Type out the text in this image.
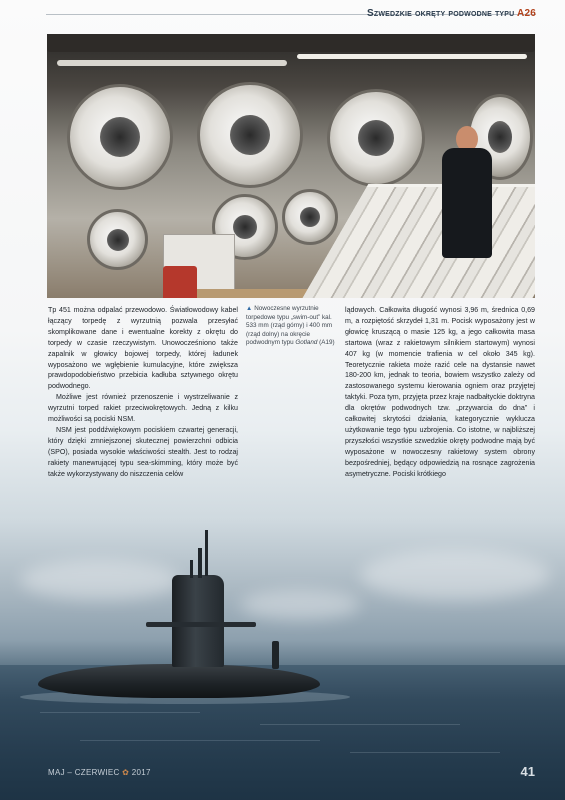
Szwedzkie okręty podwodne typu A26

Tp 451 można odpalać przewodowo. Światłowodowy kabel łączący torpedę z wyrzutnią pozwala przesyłać skomplikowane dane i ewentualne korekty z okrętu do torpedy w czasie rzeczywistym. Unowocześniono także zapalnik w głowicy bojowej torpedy, której ładunek wyposażono we wgłębienie kumulacyjne, które zwiększa prawdopodobieństwo przebicia kadłuba sztywnego okrętu podwodnego.

Możliwe jest również przenoszenie i wystrzeliwanie z wyrzutni torped rakiet przeciwokrętowych. Jedną z kilku możliwości są pociski NSM.

NSM jest poddźwiękowym pociskiem czwartej generacji, który dzięki zmniejszonej skutecznej powierzchni odbicia (SPO), posiada wysokie właściwości stealth. Jest to rodzaj rakiety manewrującej typu sea-skimming, który może być także wykorzystywany do niszczenia celów

▲ Nowoczesne wyrzutnie torpedowe typu „swim-out” kal. 533 mm (rząd górny) i 400 mm (rząd dolny) na okręcie podwodnym typu Gotland (A19)

lądowych. Całkowita długość wynosi 3,96 m, średnica 0,69 m, a rozpiętość skrzydeł 1,31 m. Pocisk wyposażony jest w głowicę kruszącą o masie 125 kg, a jego całkowita masa startowa (wraz z rakietowym silnikiem startowym) wynosi 407 kg (w momencie trafienia w cel około 345 kg). Teoretycznie rakieta może razić cele na dystansie nawet 180-200 km, jednak to teoria, bowiem wszystko zależy od zastosowanego systemu kierowania ogniem oraz przyjętej taktyki. Poza tym, przyjęta przez kraje nadbałtyckie doktryna dla okrętów podwodnych tzw. „przywarcia do dna” i całkowitej skrytości działania, kategorycznie wyklucza użytkowanie tego typu uzbrojenia. Co istotne, w najbliższej przyszłości wszystkie szwedzkie okręty podwodne mają być wyposażone w nowoczesny rakietowy system obrony bezpośredniej, będący odpowiedzią na rosnące zagrożenia asymetryczne. Pociski krótkiego

MAJ – CZERWIEC ✿ 2017	41
